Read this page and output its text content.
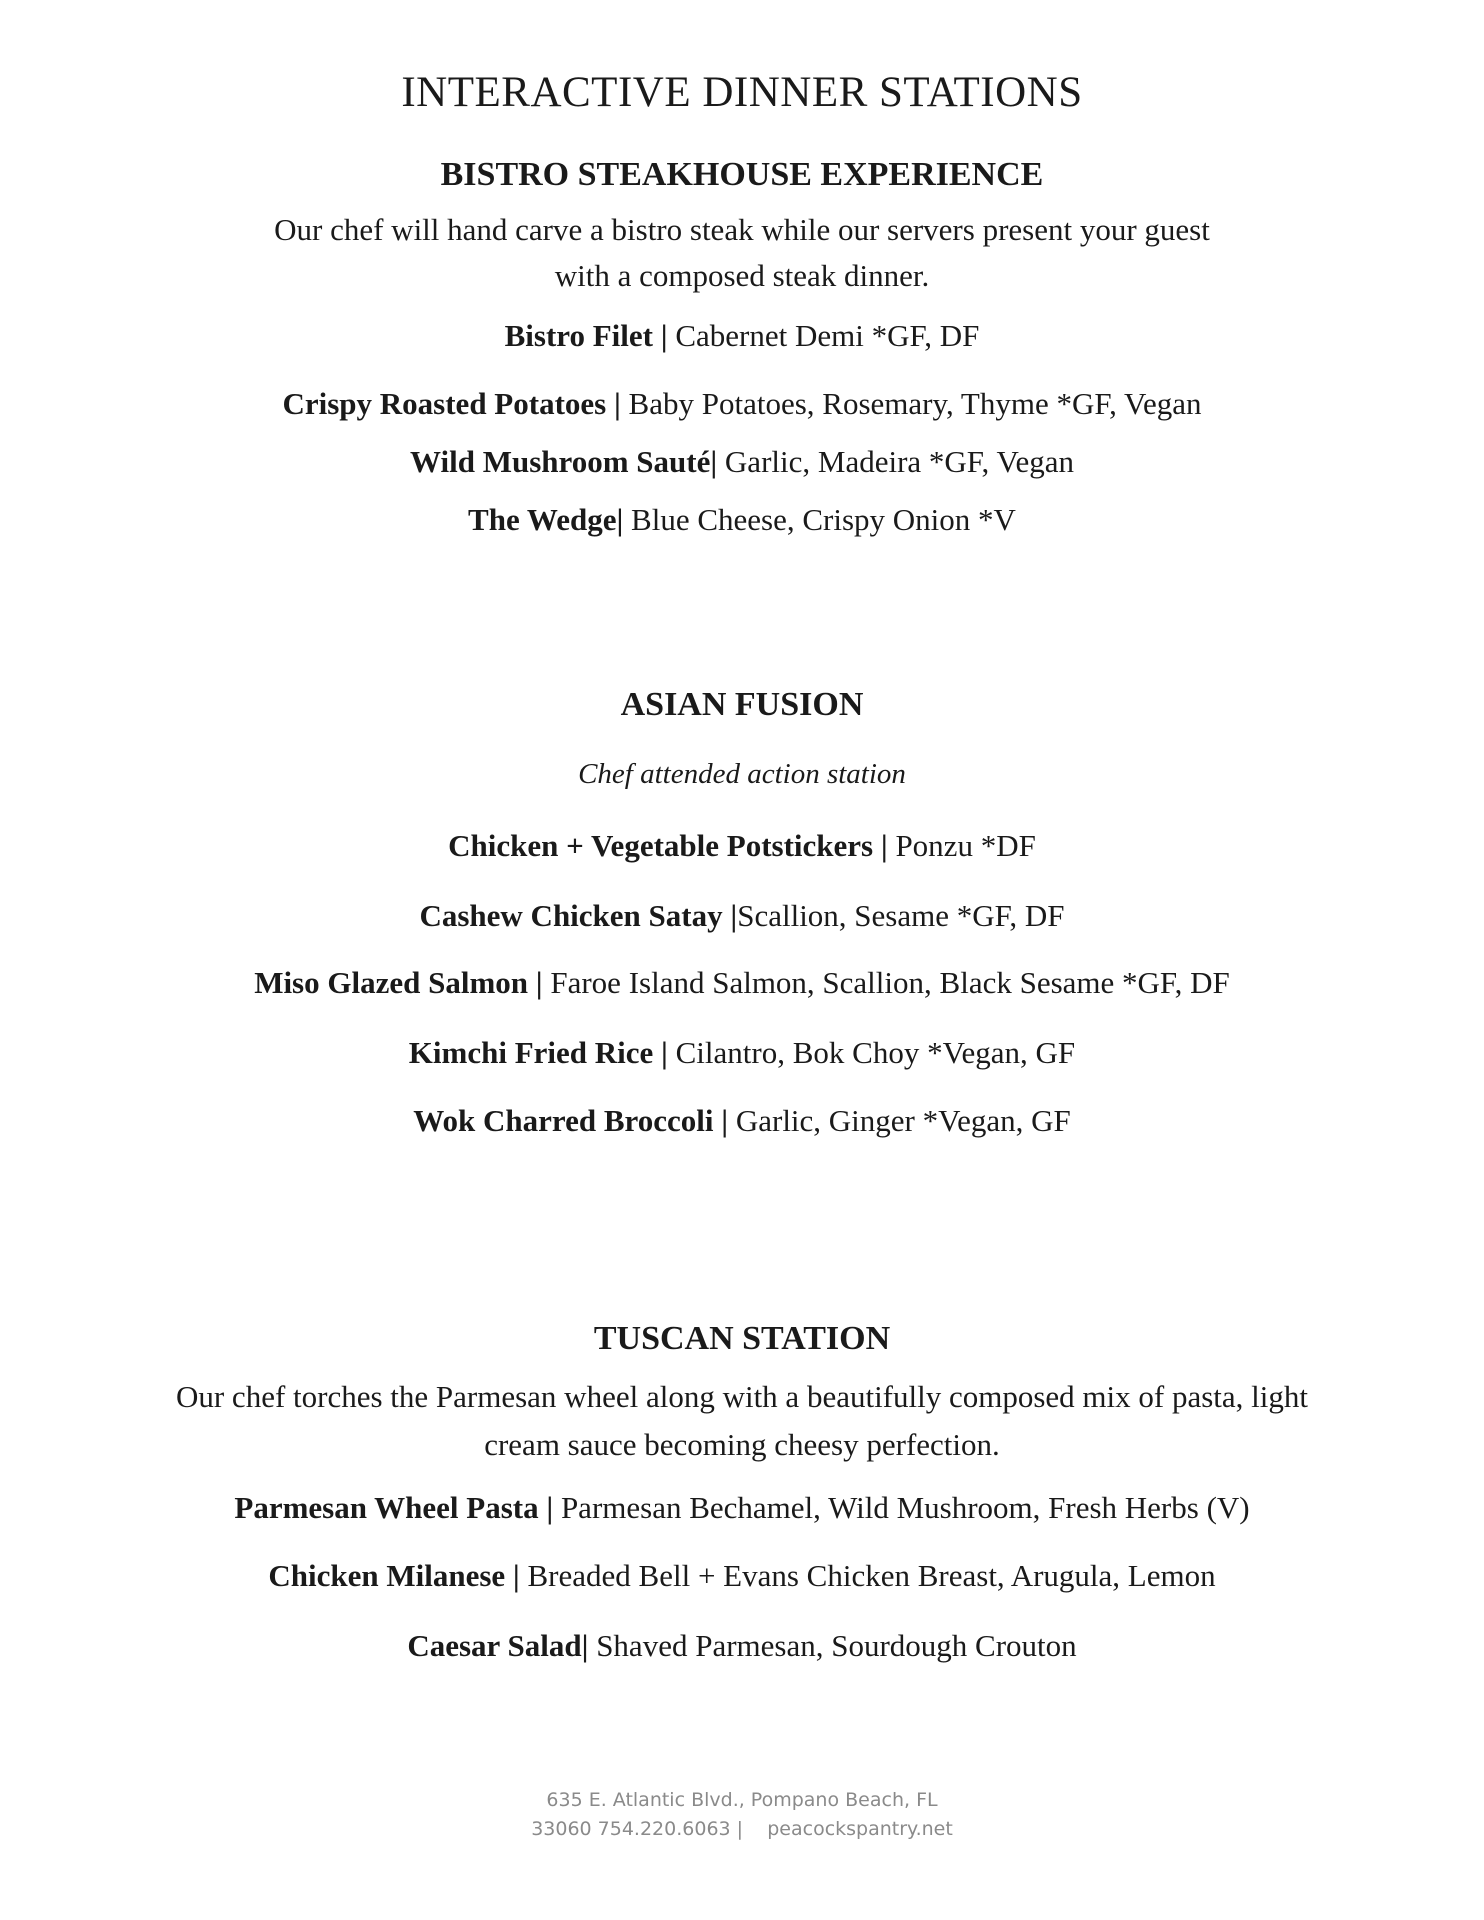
INTERACTIVE DINNER STATIONS
BISTRO STEAKHOUSE EXPERIENCE
Our chef will hand carve a bistro steak while our servers present your guest
with a composed steak dinner.
Bistro Filet | Cabernet Demi *GF, DF
Crispy Roasted Potatoes | Baby Potatoes, Rosemary, Thyme *GF, Vegan
Wild Mushroom Sauté| Garlic, Madeira *GF, Vegan
The Wedge| Blue Cheese, Crispy Onion *V
ASIAN FUSION
Chef attended action station
Chicken + Vegetable Potstickers | Ponzu *DF
Cashew Chicken Satay |Scallion, Sesame *GF, DF
Miso Glazed Salmon | Faroe Island Salmon, Scallion, Black Sesame *GF, DF
Kimchi Fried Rice | Cilantro, Bok Choy *Vegan, GF
Wok Charred Broccoli | Garlic, Ginger *Vegan, GF
TUSCAN STATION
Our chef torches the Parmesan wheel along with a beautifully composed mix of pasta, light
cream sauce becoming cheesy perfection.
Parmesan Wheel Pasta | Parmesan Bechamel, Wild Mushroom, Fresh Herbs (V)
Chicken Milanese | Breaded Bell + Evans Chicken Breast, Arugula, Lemon
Caesar Salad| Shaved Parmesan, Sourdough Crouton
635 E. Atlantic Blvd., Pompano Beach, FL
33060 754.220.6063 |    peacockspantry.net
